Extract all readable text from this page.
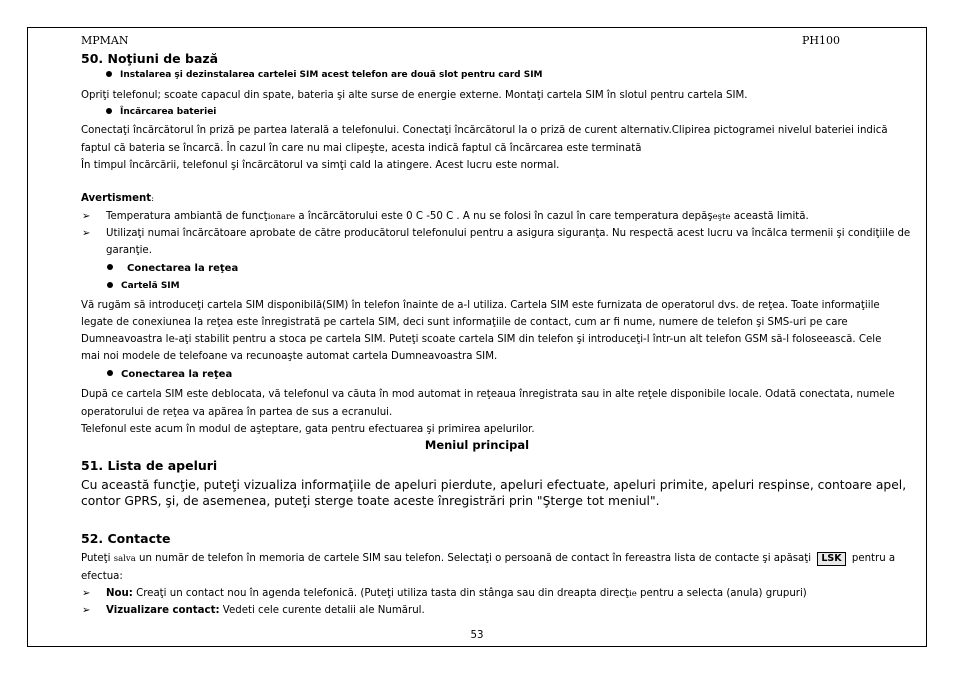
MPMAN	PH100
50. Noţiuni de bază
Instalarea şi dezinstalarea cartelei SIM acest telefon are două slot pentru card SIM
Opriţi telefonul; scoate capacul din spate, bateria şi alte surse de energie externe. Montaţi cartela SIM în slotul pentru cartela SIM.
Încărcarea bateriei
Conectaţi încărcătorul în priză pe partea laterală a telefonului. Conectaţi încărcătorul la o priză de curent alternativ.Clipirea pictogramei nivelul bateriei indică
faptul că bateria se încarcă. În cazul în care nu mai clipeşte, acesta indică faptul că încărcarea este terminată
În timpul încărcării, telefonul şi încărcătorul va simţi cald la atingere. Acest lucru este normal.
Avertisment:
➢ Temperatura ambiantă de funcţionare a încărcătorului este 0 C -50 C . A nu se folosi în cazul în care temperatura depăşeşte această limită.
➢ Utilizaţi numai încărcătoare aprobate de către producătorul telefonului pentru a asigura siguranţa. Nu respectă acest lucru va încălca termenii şi condiţiile de
garanţie.
Conectarea la reţea
Cartelă SIM
Vă rugăm să introduceţi cartela SIM disponibilă(SIM) în telefon înainte de a-l utiliza. Cartela SIM este furnizata de operatorul dvs. de reţea. Toate informaţiile
legate de conexiunea la reţea este înregistrată pe cartela SIM, deci sunt informaţiile de contact, cum ar fi nume, numere de telefon şi SMS-uri pe care
Dumneavoastra le-aţi stabilit pentru a stoca pe cartela SIM. Puteţi scoate cartela SIM din telefon şi introduceţi-l într-un alt telefon GSM să-l foloseească. Cele
mai noi modele de telefoane va recunoaşte automat cartela Dumneavoastra SIM.
Conectarea la reţea
După ce cartela SIM este deblocata, vă telefonul va căuta în mod automat in reţeaua înregistrata sau in alte reţele disponibile locale. Odată conectata, numele
operatorului de reţea va apărea în partea de sus a ecranului.
Telefonul este acum în modul de aşteptare, gata pentru efectuarea şi primirea apelurilor.
Meniul principal
51. Lista de apeluri
Cu această funcţie, puteţi vizualiza informaţiile de apeluri pierdute, apeluri efectuate, apeluri primite, apeluri respinse, contoare apel,
contor GPRS, şi, de asemenea, puteţi sterge toate aceste înregistrări prin "Şterge tot meniul".
52. Contacte
Puteţi salva un număr de telefon în memoria de cartele SIM sau telefon. Selectaţi o persoană de contact în fereastra lista de contacte şi apăsaţi LSK pentru a
efectua:
➢ Nou: Creaţi un contact nou în agenda telefonică. (Puteţi utiliza tasta din stânga sau din dreapta direcţie pentru a selecta (anula) grupuri)
➢ Vizualizare contact: Vedeti cele curente detalii ale Numărul.
53
